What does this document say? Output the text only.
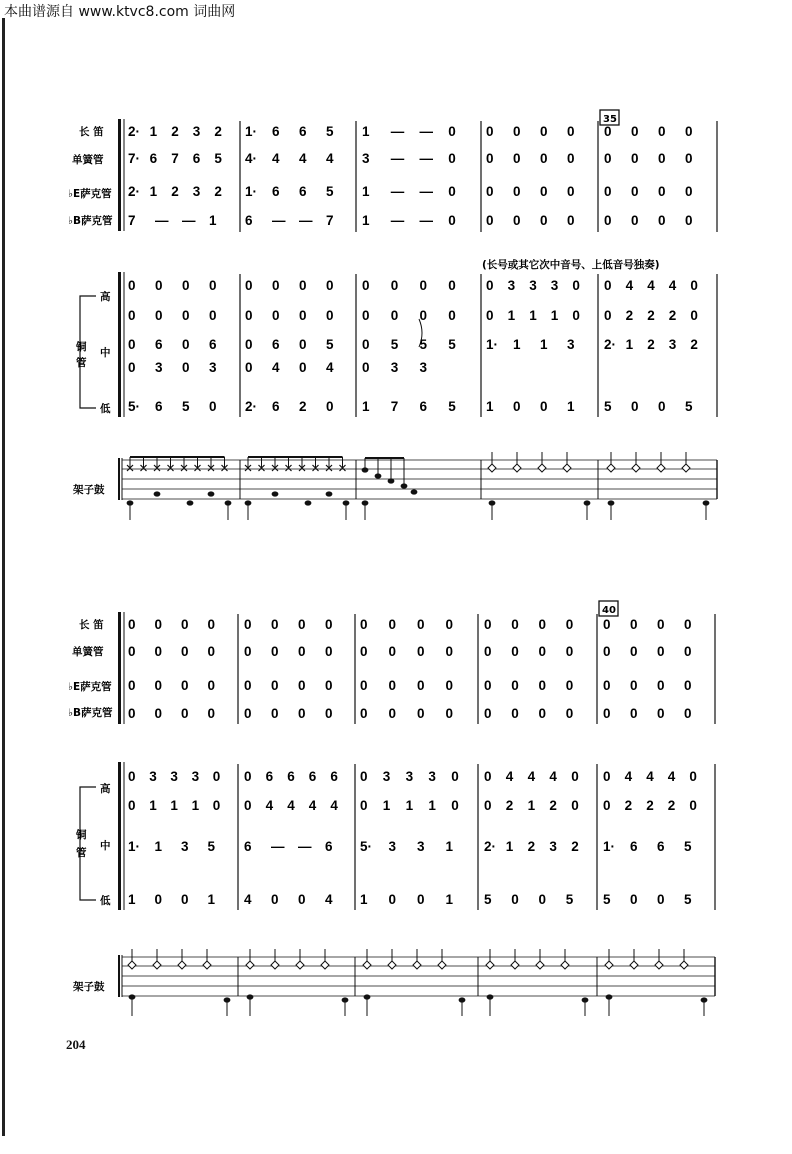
本曲谱源自 www.ktvc8.com 词曲网
204
长 笛
单簧管
♭E萨克管
♭B萨克管
高
铜
管
中
低
架子鼓
长 笛
单簧管
♭E萨克管
♭B萨克管
高
铜
管
中
低
架子鼓
(长号或其它次中音号、上低音号独奏)
35
40
2· 1 2 3 2 1· 6 6 5 1 — — 0 0 0 0 0 0 0 0 0
7· 6 7 6 5 4· 4 4 4 3 — — 0 0 0 0 0 0 0 0 0
2· 1 2 3 2 1· 6 6 5 1 — — 0 0 0 0 0 0 0 0 0
7 — — 1 6 — — 7 1 — — 0 0 0 0 0 0 0 0 0
0 0 0 0 0 0 0 0 0 0 0 0 0 3 3 3 0 0 4 4 4 0
0 0 0 0 0 0 0 0 0 0 0 0 0 1 1 1 0 0 2 2 2 0
0 6 0 6 0 6 0 5 0 5 5 5 1· 1 1 3 2· 1 2 3 2
0 3 0 3 0 4 0 4 0 3 3
5· 6 5 0 2· 6 2 0 1 7 6 5 1 0 0 1 5 0 0 5
0 0 0 0 0 0 0 0 0 0 0 0 0 0 0 0 0 0 0 0
0 0 0 0 0 0 0 0 0 0 0 0 0 0 0 0 0 0 0 0
0 0 0 0 0 0 0 0 0 0 0 0 0 0 0 0 0 0 0 0
0 0 0 0 0 0 0 0 0 0 0 0 0 0 0 0 0 0 0 0
0 3 3 3 0 0 6 6 6 6 0 3 3 3 0 0 4 4 4 0 0 4 4 4 0
0 1 1 1 0 0 4 4 4 4 0 1 1 1 0 0 2 1 2 0 0 2 2 2 0
1· 1 3 5 6 — — 6 5· 3 3 1 2· 1 2 3 2 1· 6 6 5
1 0 0 1 4 0 0 4 1 0 0 1 5 0 0 5 5 0 0 5
